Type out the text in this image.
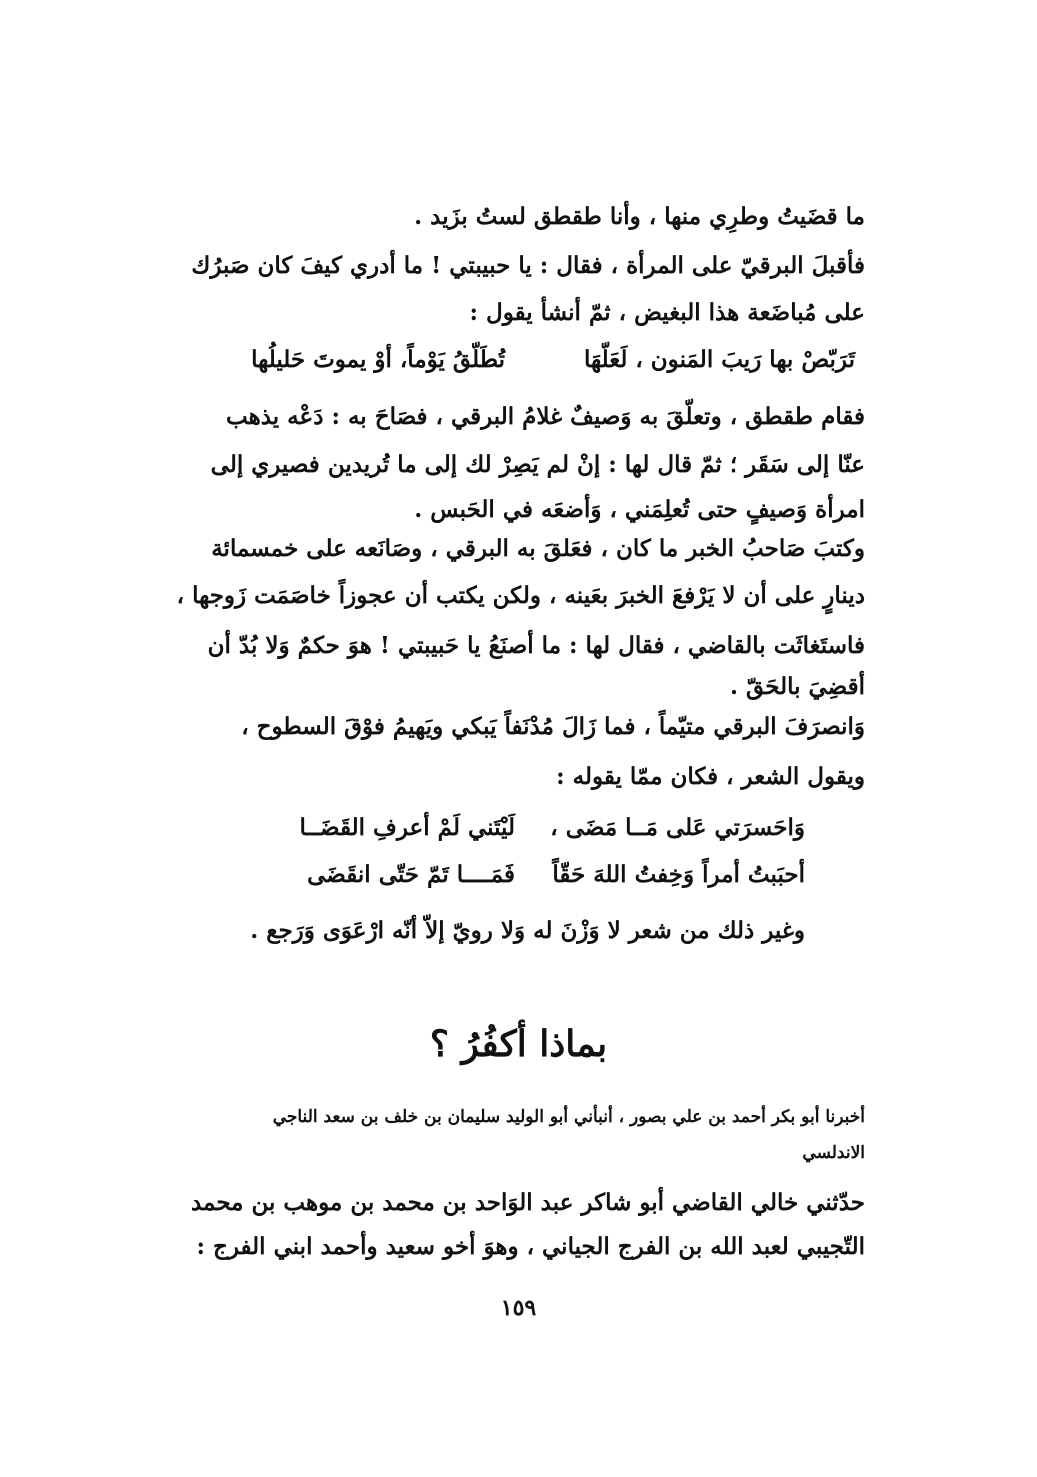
ما قضَيتُ وطرِي منها ، وأنا طقطق لستُ بزَيد .
فأقبلَ البرقيّ على المرأة ، فقال : يا حبيبتي ! ما أدري كيفَ كان صَبرُك
على مُباضَعة هذا البغيض ، ثمّ أنشأ يقول :
تَرَبّصْ بها رَيبَ المَنون ، لَعَلّهَا
تُطَلّقُ يَوْماً، أوْ يموتَ حَليلُها
فقام طقطق ، وتعلّقَ به وَصيفٌ غلامُ البرقي ، فصَاحَ به : دَعْه يذهب
عنّا إلى سَقَر ؛ ثمّ قال لها : إنْ لم يَصِرْ لك إلى ما تُريدين فصيري إلى
امرأة وَصيفٍ حتى تُعلِمَني ، وَأضعَه في الحَبس .
وكتبَ صَاحبُ الخبر ما كان ، فعَلقَ به البرقي ، وصَانَعه على خمسمائة
دينارٍ على أن لا يَرْفعَ الخبرَ بعَينه ، ولكن يكتب أن عجوزاً خاصَمَت زَوجها ،
فاستَغاثَت بالقاضي ، فقال لها : ما أصنَعُ يا حَبيبتي ! هوَ حكمٌ وَلا بُدّ أن
أقضِيَ بالحَقّ .
وَانصرَفَ البرقي متيّماً ، فما زَالَ مُدْنَفاً يَبكي ويَهيمُ فوْقَ السطوح ،
ويقول الشعر ، فكان ممّا يقوله :
وَاحَسرَتي عَلى مَــا مَضَى ،
لَيْتَني لَمْ أعرفِ القَضَــا
أحبَبتُ أمراً وَخِفتُ اللهَ حَقّاً
فَمَــــا تَمّ حَتّى انقَضَى
وغير ذلك من شعر لا وَزْنَ له وَلا رويّ إلاّ أنّه ارْعَوَى وَرَجع .
بماذا أكفُرُ ؟
أخبرنا أبو بكر أحمد بن علي بصور ، أنبأني أبو الوليد سليمان بن خلف بن سعد الناجي
الاندلسي
حدّثني خالي القاضي أبو شاكر عبد الوَاحد بن محمد بن موهب بن محمد
التّجيبي لعبد الله بن الفرج الجياني ، وهوَ أخو سعيد وأحمد ابني الفرج :
١٥٩
